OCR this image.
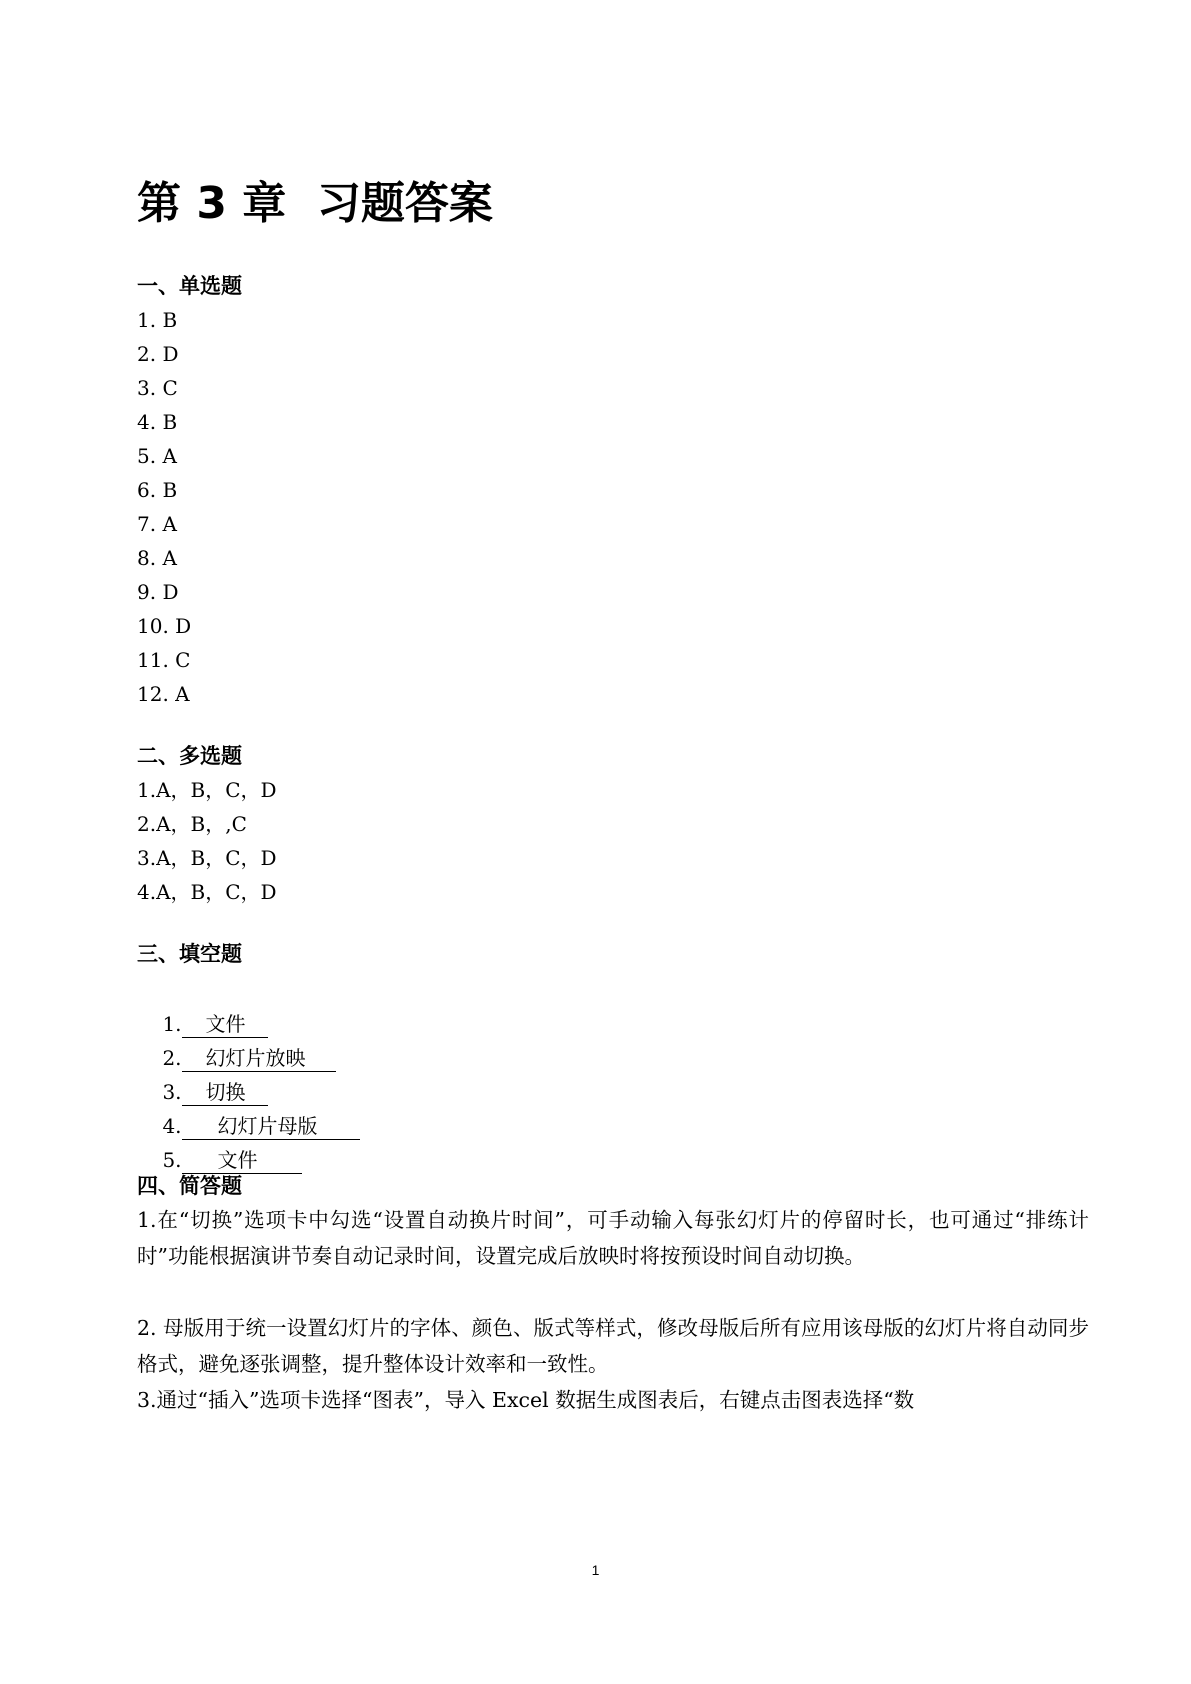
第 3 章  习题答案
一、单选题
1. B
2. D
3. C
4. B
5. A
6. B
7. A
8. A
9. D
10. D
11. C
12. A
二、多选题
1.A，B，C，D
2.A，B，,C
3.A，B，C，D
4.A，B，C，D
三、填空题

1. 文件

2. 幻灯片放映

3. 切换

4. 幻灯片母版

5. 文件

四、简答题

1.在“切换”选项卡中勾选“设置自动换片时间”，可手动输入每张幻灯片的停留时长，也可通过“排练计时”功能根据演讲节奏自动记录时间，设置完成后放映时将按预设时间自动切换。

2. 母版用于统一设置幻灯片的字体、颜色、版式等样式，修改母版后所有应用该母版的幻灯片将自动同步格式，避免逐张调整，提升整体设计效率和一致性。

3.通过“插入”选项卡选择“图表”，导入 Excel 数据生成图表后，右键点击图表选择“数

1
